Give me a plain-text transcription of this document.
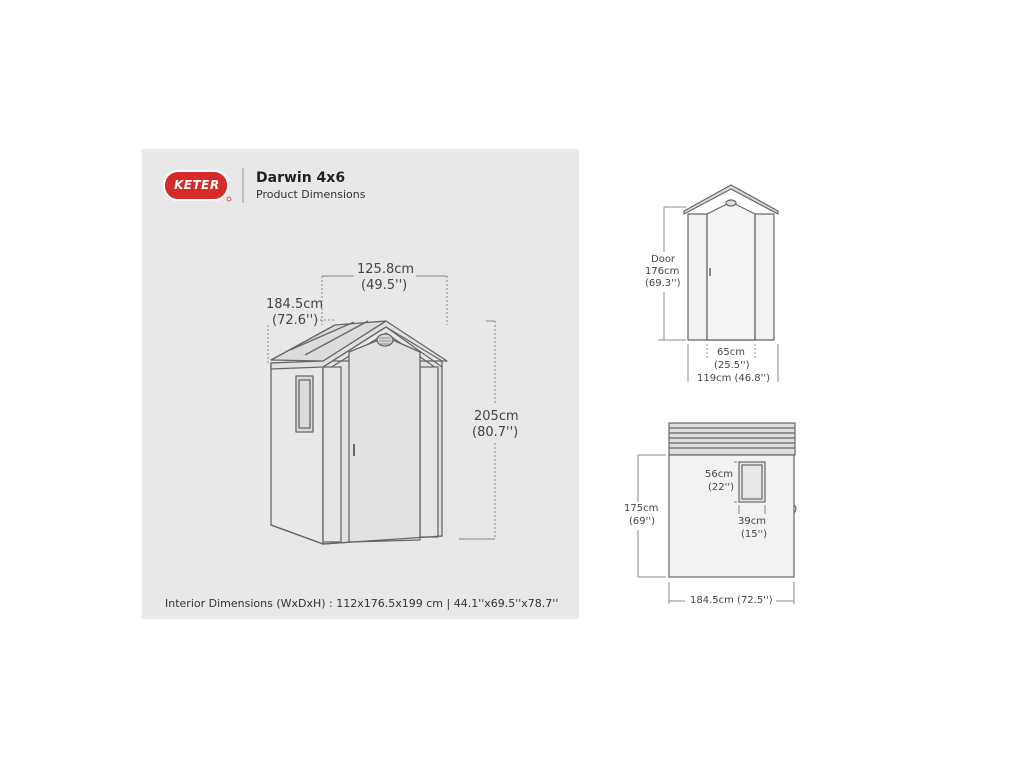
KETER	Darwin 4x6
Product Dimensions
125.8cm
(49.5'')
184.5cm
(72.6'')
205cm
(80.7'')
Interior Dimensions (WxDxH) : 112x176.5x199 cm | 44.1''x69.5''x78.7''
Door
176cm
(69.3'')
65cm
(25.5'')
119cm (46.8'')
175cm
(69'')
56cm
(22'')
39cm
(15'')
184.5cm (72.5'')
